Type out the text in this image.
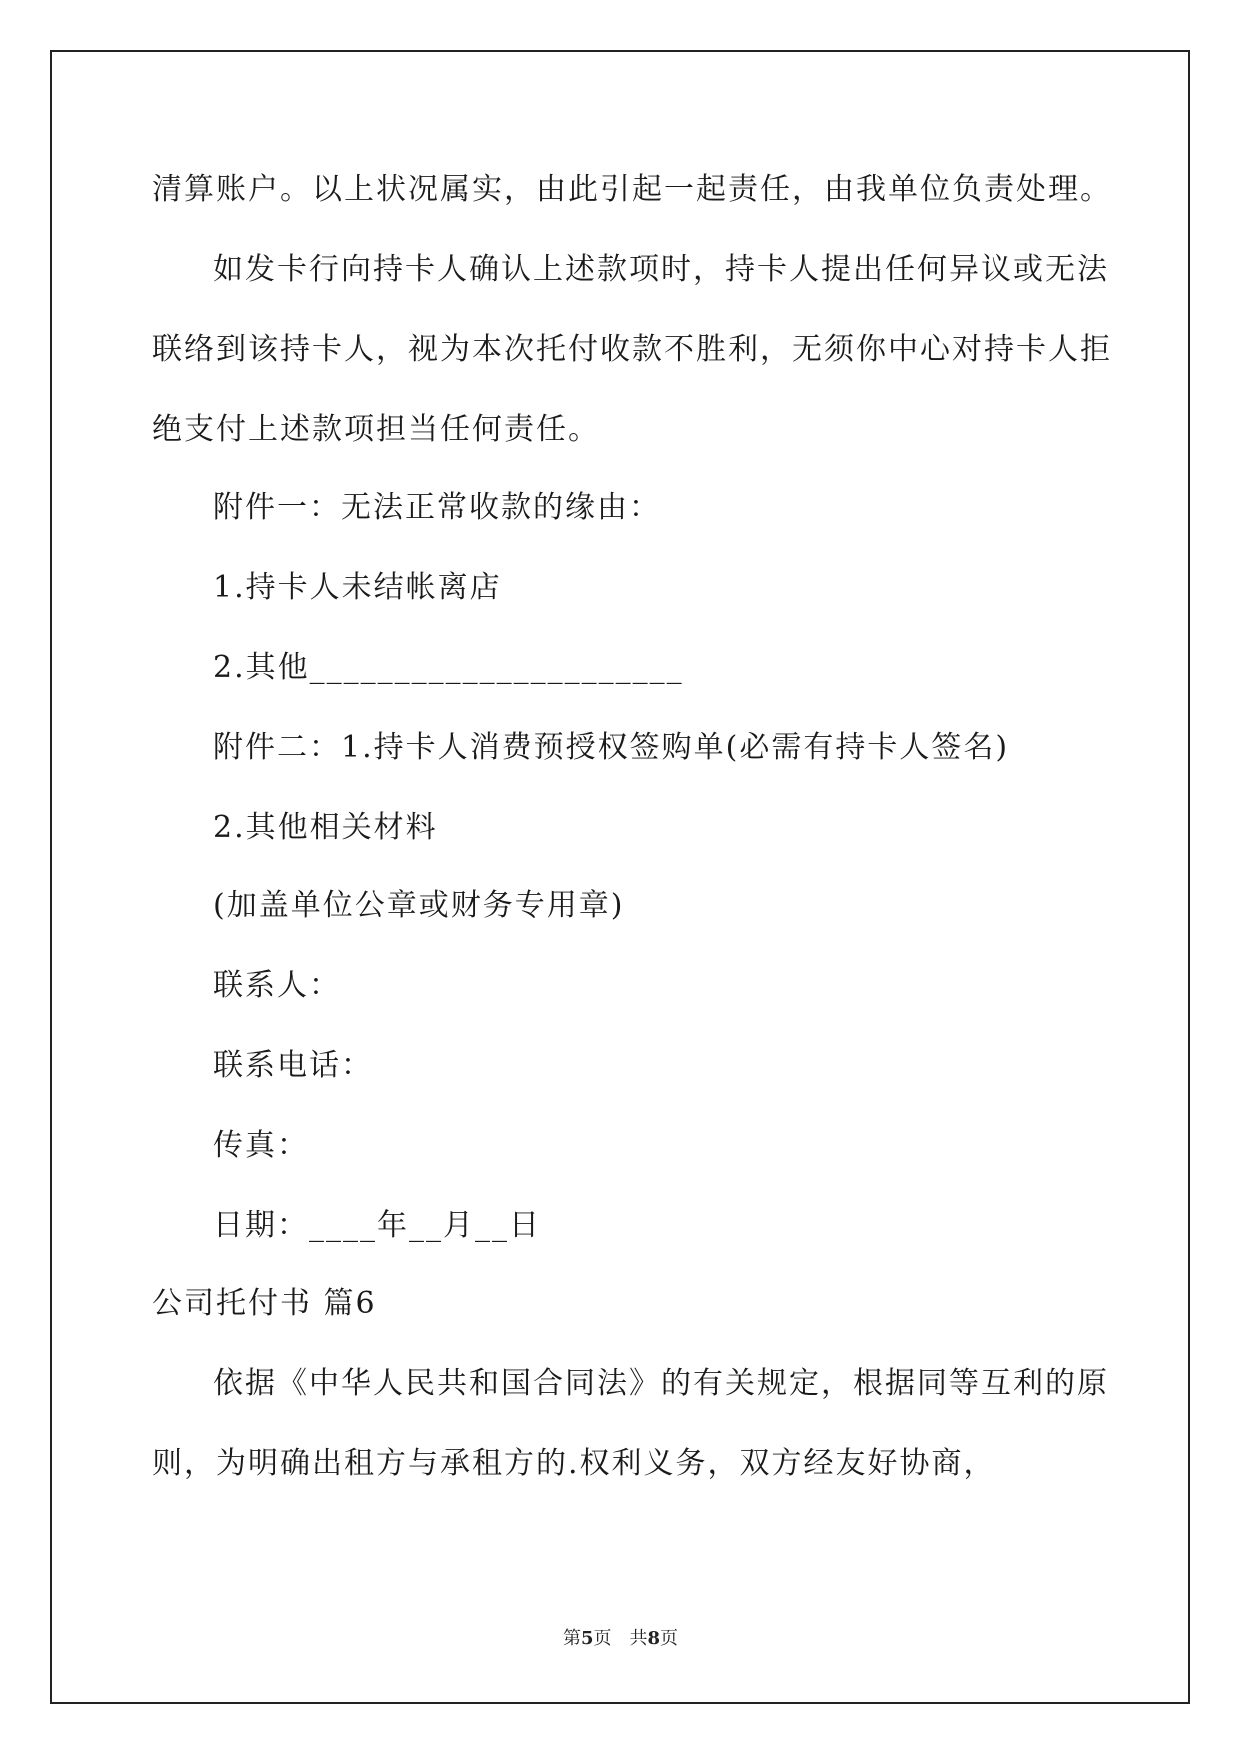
清算账户。以上状况属实，由此引起一起责任，由我单位负责处理。
如发卡行向持卡人确认上述款项时，持卡人提出任何异议或无法
联络到该持卡人，视为本次托付收款不胜利，无须你中心对持卡人拒
绝支付上述款项担当任何责任。
附件一：无法正常收款的缘由：
1.持卡人未结帐离店
2.其他______________________
附件二：1.持卡人消费预授权签购单(必需有持卡人签名)
2.其他相关材料
(加盖单位公章或财务专用章)
联系人：
联系电话：
传真：
日期：____年__月__日
公司托付书 篇6
依据《中华人民共和国合同法》的有关规定，根据同等互利的原
则，为明确出租方与承租方的.权利义务，双方经友好协商，
第5页 共8页
